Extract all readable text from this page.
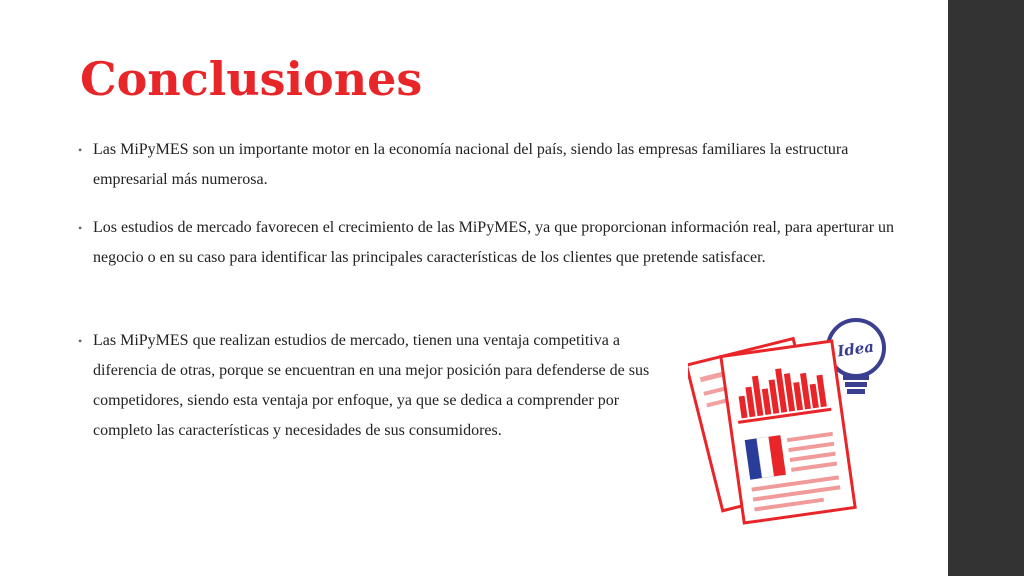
Conclusiones
• Las MiPyMES son un importante motor en la economía nacional del país, siendo las empresas familiares la estructura empresarial más numerosa.
• Los estudios de mercado favorecen el crecimiento de las MiPyMES, ya que proporcionan información real, para aperturar un negocio o en su caso para identificar las principales características de los clientes que pretende satisfacer.
• Las MiPyMES que realizan estudios de mercado, tienen una ventaja competitiva a diferencia de otras, porque se encuentran en una mejor posición para defenderse de sus competidores, siendo esta ventaja por enfoque, ya que se dedica a comprender por completo las características y necesidades de sus consumidores.
Idea
